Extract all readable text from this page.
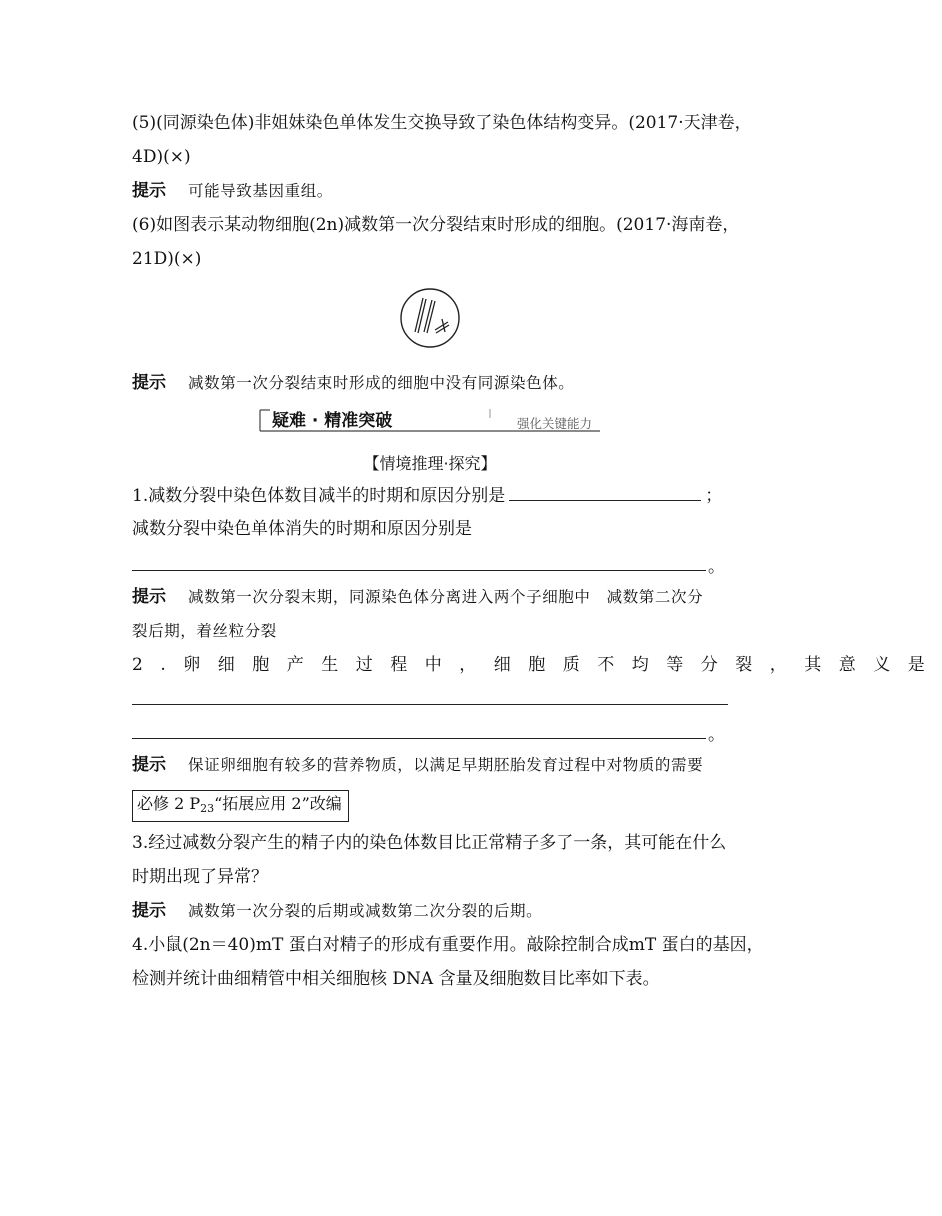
(5)(同源染色体)非姐妹染色单体发生交换导致了染色体结构变异。(2017·天津卷，
4D)(×)
提示 可能导致基因重组。
(6)如图表示某动物细胞(2n)减数第一次分裂结束时形成的细胞。(2017·海南卷，
21D)(×)
提示 减数第一次分裂结束时形成的细胞中没有同源染色体。
疑难 · 精准突破	强化关键能力
【情境推理·探究】
1.减数分裂中染色体数目减半的时期和原因分别是	；
减数分裂中染色单体消失的时期和原因分别是
。
提示 减数第一次分裂末期，同源染色体分离进入两个子细胞中　减数第二次分
裂后期，着丝粒分裂
2.卵细胞产生过程中，细胞质不均等分裂，其意义是
。
提示 保证卵细胞有较多的营养物质，以满足早期胚胎发育过程中对物质的需要
必修 2 $P_{23}“$拓展应用 2”改编
3.经过减数分裂产生的精子内的染色体数目比正常精子多了一条，其可能在什么
时期出现了异常？
提示 减数第一次分裂的后期或减数第二次分裂的后期。
4.小鼠(2n＝40)mT 蛋白对精子的形成有重要作用。敲除控制合成mT 蛋白的基因，
检测并统计曲细精管中相关细胞核 DNA 含量及细胞数目比率如下表。
